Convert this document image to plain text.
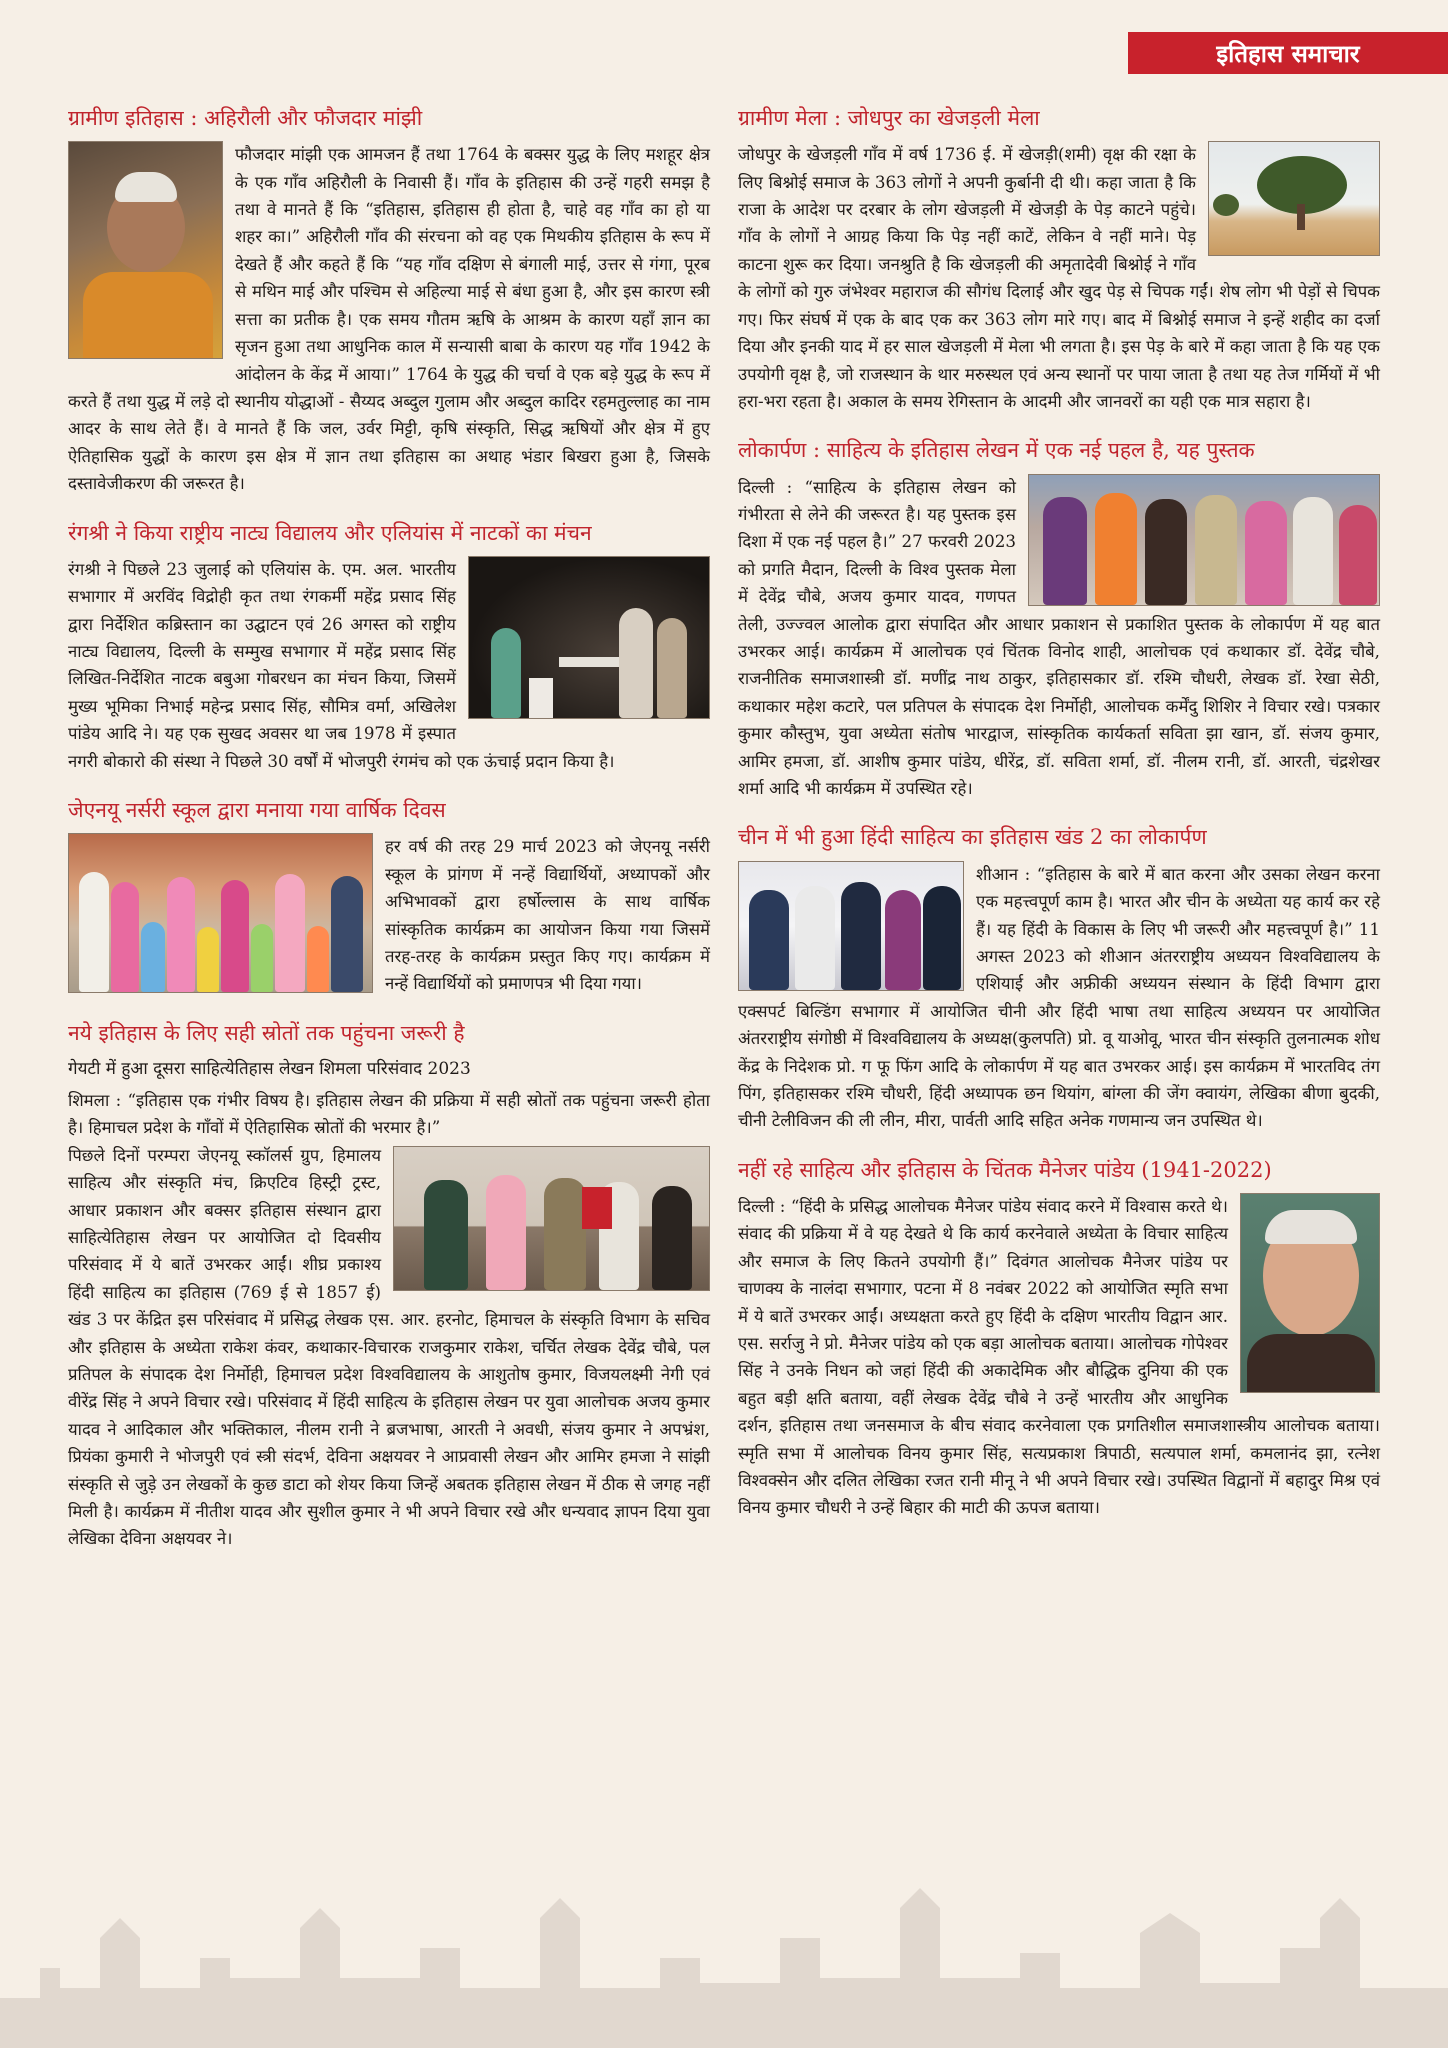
इतिहास समाचार
ग्रामीण इतिहास : अहिरौली और फौजदार मांझी

फौजदार मांझी एक आमजन हैं तथा 1764 के बक्सर युद्ध के लिए मशहूर क्षेत्र के एक गाँव अहिरौली के निवासी हैं। गाँव के इतिहास की उन्हें गहरी समझ है तथा वे मानते हैं कि “इतिहास, इतिहास ही होता है, चाहे वह गाँव का हो या शहर का।” अहिरौली गाँव की संरचना को वह एक मिथकीय इतिहास के रूप में देखते हैं और कहते हैं कि “यह गाँव दक्षिण से बंगाली माई, उत्तर से गंगा, पूरब से मथिन माई और पश्चिम से अहिल्या माई से बंधा हुआ है, और इस कारण स्त्री सत्ता का प्रतीक है। एक समय गौतम ऋषि के आश्रम के कारण यहाँ ज्ञान का सृजन हुआ तथा आधुनिक काल में सन्यासी बाबा के कारण यह गाँव 1942 के आंदोलन के केंद्र में आया।” 1764 के युद्ध की चर्चा वे एक बड़े युद्ध के रूप में करते हैं तथा युद्ध में लड़े दो स्थानीय योद्धाओं - सैय्यद अब्दुल गुलाम और अब्दुल कादिर रहमतुल्लाह का नाम आदर के साथ लेते हैं। वे मानते हैं कि जल, उर्वर मिट्टी, कृषि संस्कृति, सिद्ध ऋषियों और क्षेत्र में हुए ऐतिहासिक युद्धों के कारण इस क्षेत्र में ज्ञान तथा इतिहास का अथाह भंडार बिखरा हुआ है, जिसके दस्तावेजीकरण की जरूरत है।

रंगश्री ने किया राष्ट्रीय नाट्य विद्यालय और एलियांस में नाटकों का मंचन

रंगश्री ने पिछले 23 जुलाई को एलियांस के. एम. अल. भारतीय सभागार में अरविंद विद्रोही कृत तथा रंगकर्मी महेंद्र प्रसाद सिंह द्वारा निर्देशित कब्रिस्तान का उद्घाटन एवं 26 अगस्त को राष्ट्रीय नाट्य विद्यालय, दिल्ली के सम्मुख सभागार में महेंद्र प्रसाद सिंह लिखित-निर्देशित नाटक बबुआ गोबरधन का मंचन किया, जिसमें मुख्य भूमिका निभाई महेन्द्र प्रसाद सिंह, सौमित्र वर्मा, अखिलेश पांडेय आदि ने। यह एक सुखद अवसर था जब 1978 में इस्पात नगरी बोकारो की संस्था ने पिछले 30 वर्षों में भोजपुरी रंगमंच को एक ऊंचाई प्रदान किया है।

जेएनयू नर्सरी स्कूल द्वारा मनाया गया वार्षिक दिवस

हर वर्ष की तरह 29 मार्च 2023 को जेएनयू नर्सरी स्कूल के प्रांगण में नन्हें विद्यार्थियों, अध्यापकों और अभिभावकों द्वारा हर्षोल्लास के साथ वार्षिक सांस्कृतिक कार्यक्रम का आयोजन किया गया जिसमें तरह-तरह के कार्यक्रम प्रस्तुत किए गए। कार्यक्रम में नन्हें विद्यार्थियों को प्रमाणपत्र भी दिया गया।

नये इतिहास के लिए सही स्रोतों तक पहुंचना जरूरी है
गेयटी में हुआ दूसरा साहित्येतिहास लेखन शिमला परिसंवाद 2023

शिमला : “इतिहास एक गंभीर विषय है। इतिहास लेखन की प्रक्रिया में सही स्रोतों तक पहुंचना जरूरी होता है। हिमाचल प्रदेश के गाँवों में ऐतिहासिक स्रोतों की भरमार है।”

पिछले दिनों परम्परा जेएनयू स्कॉलर्स ग्रुप, हिमालय साहित्य और संस्कृति मंच, क्रिएटिव हिस्ट्री ट्रस्ट, आधार प्रकाशन और बक्सर इतिहास संस्थान द्वारा साहित्येतिहास लेखन पर आयोजित दो दिवसीय परिसंवाद में ये बातें उभरकर आईं। शीघ्र प्रकाश्य हिंदी साहित्य का इतिहास (769 ई से 1857 ई) खंड 3 पर केंद्रित इस परिसंवाद में प्रसिद्ध लेखक एस. आर. हरनोट, हिमाचल के संस्कृति विभाग के सचिव और इतिहास के अध्येता राकेश कंवर, कथाकार-विचारक राजकुमार राकेश, चर्चित लेखक देवेंद्र चौबे, पल प्रतिपल के संपादक देश निर्मोही, हिमाचल प्रदेश विश्वविद्यालय के आशुतोष कुमार, विजयलक्ष्मी नेगी एवं वीरेंद्र सिंह ने अपने विचार रखे। परिसंवाद में हिंदी साहित्य के इतिहास लेखन पर युवा आलोचक अजय कुमार यादव ने आदिकाल और भक्तिकाल, नीलम रानी ने ब्रजभाषा, आरती ने अवधी, संजय कुमार ने अपभ्रंश, प्रियंका कुमारी ने भोजपुरी एवं स्त्री संदर्भ, देविना अक्षयवर ने आप्रवासी लेखन और आमिर हमजा ने सांझी संस्कृति से जुड़े उन लेखकों के कुछ डाटा को शेयर किया जिन्हें अबतक इतिहास लेखन में ठीक से जगह नहीं मिली है। कार्यक्रम में नीतीश यादव और सुशील कुमार ने भी अपने विचार रखे और धन्यवाद ज्ञापन दिया युवा लेखिका देविना अक्षयवर ने।

ग्रामीण मेला : जोधपुर का खेजड़ली मेला

जोधपुर के खेजड़ली गाँव में वर्ष 1736 ई. में खेजड़ी(शमी) वृक्ष की रक्षा के लिए बिश्नोई समाज के 363 लोगों ने अपनी कुर्बानी दी थी। कहा जाता है कि राजा के आदेश पर दरबार के लोग खेजड़ली में खेजड़ी के पेड़ काटने पहुंचे। गाँव के लोगों ने आग्रह किया कि पेड़ नहीं काटें, लेकिन वे नहीं माने। पेड़ काटना शुरू कर दिया। जनश्रुति है कि खेजड़ली की अमृतादेवी बिश्नोई ने गाँव के लोगों को गुरु जंभेश्वर महाराज की सौगंध दिलाई और खुद पेड़ से चिपक गईं। शेष लोग भी पेड़ों से चिपक गए। फिर संघर्ष में एक के बाद एक कर 363 लोग मारे गए। बाद में बिश्नोई समाज ने इन्हें शहीद का दर्जा दिया और इनकी याद में हर साल खेजड़ली में मेला भी लगता है। इस पेड़ के बारे में कहा जाता है कि यह एक उपयोगी वृक्ष है, जो राजस्थान के थार मरुस्थल एवं अन्य स्थानों पर पाया जाता है तथा यह तेज गर्मियों में भी हरा-भरा रहता है। अकाल के समय रेगिस्तान के आदमी और जानवरों का यही एक मात्र सहारा है।

लोकार्पण : साहित्य के इतिहास लेखन में एक नई पहल है, यह पुस्तक

दिल्ली : “साहित्य के इतिहास लेखन को गंभीरता से लेने की जरूरत है। यह पुस्तक इस दिशा में एक नई पहल है।” 27 फरवरी 2023 को प्रगति मैदान, दिल्ली के विश्व पुस्तक मेला में देवेंद्र चौबे, अजय कुमार यादव, गणपत तेली, उज्ज्वल आलोक द्वारा संपादित और आधार प्रकाशन से प्रकाशित पुस्तक के लोकार्पण में यह बात उभरकर आई। कार्यक्रम में आलोचक एवं चिंतक विनोद शाही, आलोचक एवं कथाकार डॉ. देवेंद्र चौबे, राजनीतिक समाजशास्त्री डॉ. मणींद्र नाथ ठाकुर, इतिहासकार डॉ. रश्मि चौधरी, लेखक डॉ. रेखा सेठी, कथाकार महेश कटारे, पल प्रतिपल के संपादक देश निर्मोही, आलोचक कर्मेंदु शिशिर ने विचार रखे। पत्रकार कुमार कौस्तुभ, युवा अध्येता संतोष भारद्वाज, सांस्कृतिक कार्यकर्ता सविता झा खान, डॉ. संजय कुमार, आमिर हमजा, डॉ. आशीष कुमार पांडेय, धीरेंद्र, डॉ. सविता शर्मा, डॉ. नीलम रानी, डॉ. आरती, चंद्रशेखर शर्मा आदि भी कार्यक्रम में उपस्थित रहे।

चीन में भी हुआ हिंदी साहित्य का इतिहास खंड 2 का लोकार्पण

शीआन : “इतिहास के बारे में बात करना और उसका लेखन करना एक महत्त्वपूर्ण काम है। भारत और चीन के अध्येता यह कार्य कर रहे हैं। यह हिंदी के विकास के लिए भी जरूरी और महत्त्वपूर्ण है।” 11 अगस्त 2023 को शीआन अंतरराष्ट्रीय अध्ययन विश्वविद्यालय के एशियाई और अफ्रीकी अध्ययन संस्थान के हिंदी विभाग द्वारा एक्सपर्ट बिल्डिंग सभागार में आयोजित चीनी और हिंदी भाषा तथा साहित्य अध्ययन पर आयोजित अंतरराष्ट्रीय संगोष्ठी में विश्वविद्यालय के अध्यक्ष(कुलपति) प्रो. वू याओवू, भारत चीन संस्कृति तुलनात्मक शोध केंद्र के निदेशक प्रो. ग फू फिंग आदि के लोकार्पण में यह बात उभरकर आई। इस कार्यक्रम में भारतविद तंग पिंग, इतिहासकर रश्मि चौधरी, हिंदी अध्यापक छन थियांग, बांग्ला की जेंग क्वायंग, लेखिका बीणा बुदकी, चीनी टेलीविजन की ली लीन, मीरा, पार्वती आदि सहित अनेक गणमान्य जन उपस्थित थे।

नहीं रहे साहित्य और इतिहास के चिंतक मैनेजर पांडेय (1941-2022)

दिल्ली : “हिंदी के प्रसिद्ध आलोचक मैनेजर पांडेय संवाद करने में विश्वास करते थे। संवाद की प्रक्रिया में वे यह देखते थे कि कार्य करनेवाले अध्येता के विचार साहित्य और समाज के लिए कितने उपयोगी हैं।” दिवंगत आलोचक मैनेजर पांडेय पर चाणक्य के नालंदा सभागार, पटना में 8 नवंबर 2022 को आयोजित स्मृति सभा में ये बातें उभरकर आईं। अध्यक्षता करते हुए हिंदी के दक्षिण भारतीय विद्वान आर. एस. सर्राजु ने प्रो. मैनेजर पांडेय को एक बड़ा आलोचक बताया। आलोचक गोपेश्वर सिंह ने उनके निधन को जहां हिंदी की अकादेमिक और बौद्धिक दुनिया की एक बहुत बड़ी क्षति बताया, वहीं लेखक देवेंद्र चौबे ने उन्हें भारतीय और आधुनिक दर्शन, इतिहास तथा जनसमाज के बीच संवाद करनेवाला एक प्रगतिशील समाजशास्त्रीय आलोचक बताया। स्मृति सभा में आलोचक विनय कुमार सिंह, सत्यप्रकाश त्रिपाठी, सत्यपाल शर्मा, कमलानंद झा, रत्नेश विश्वक्सेन और दलित लेखिका रजत रानी मीनू ने भी अपने विचार रखे। उपस्थित विद्वानों में बहादुर मिश्र एवं विनय कुमार चौधरी ने उन्हें बिहार की माटी की ऊपज बताया।
